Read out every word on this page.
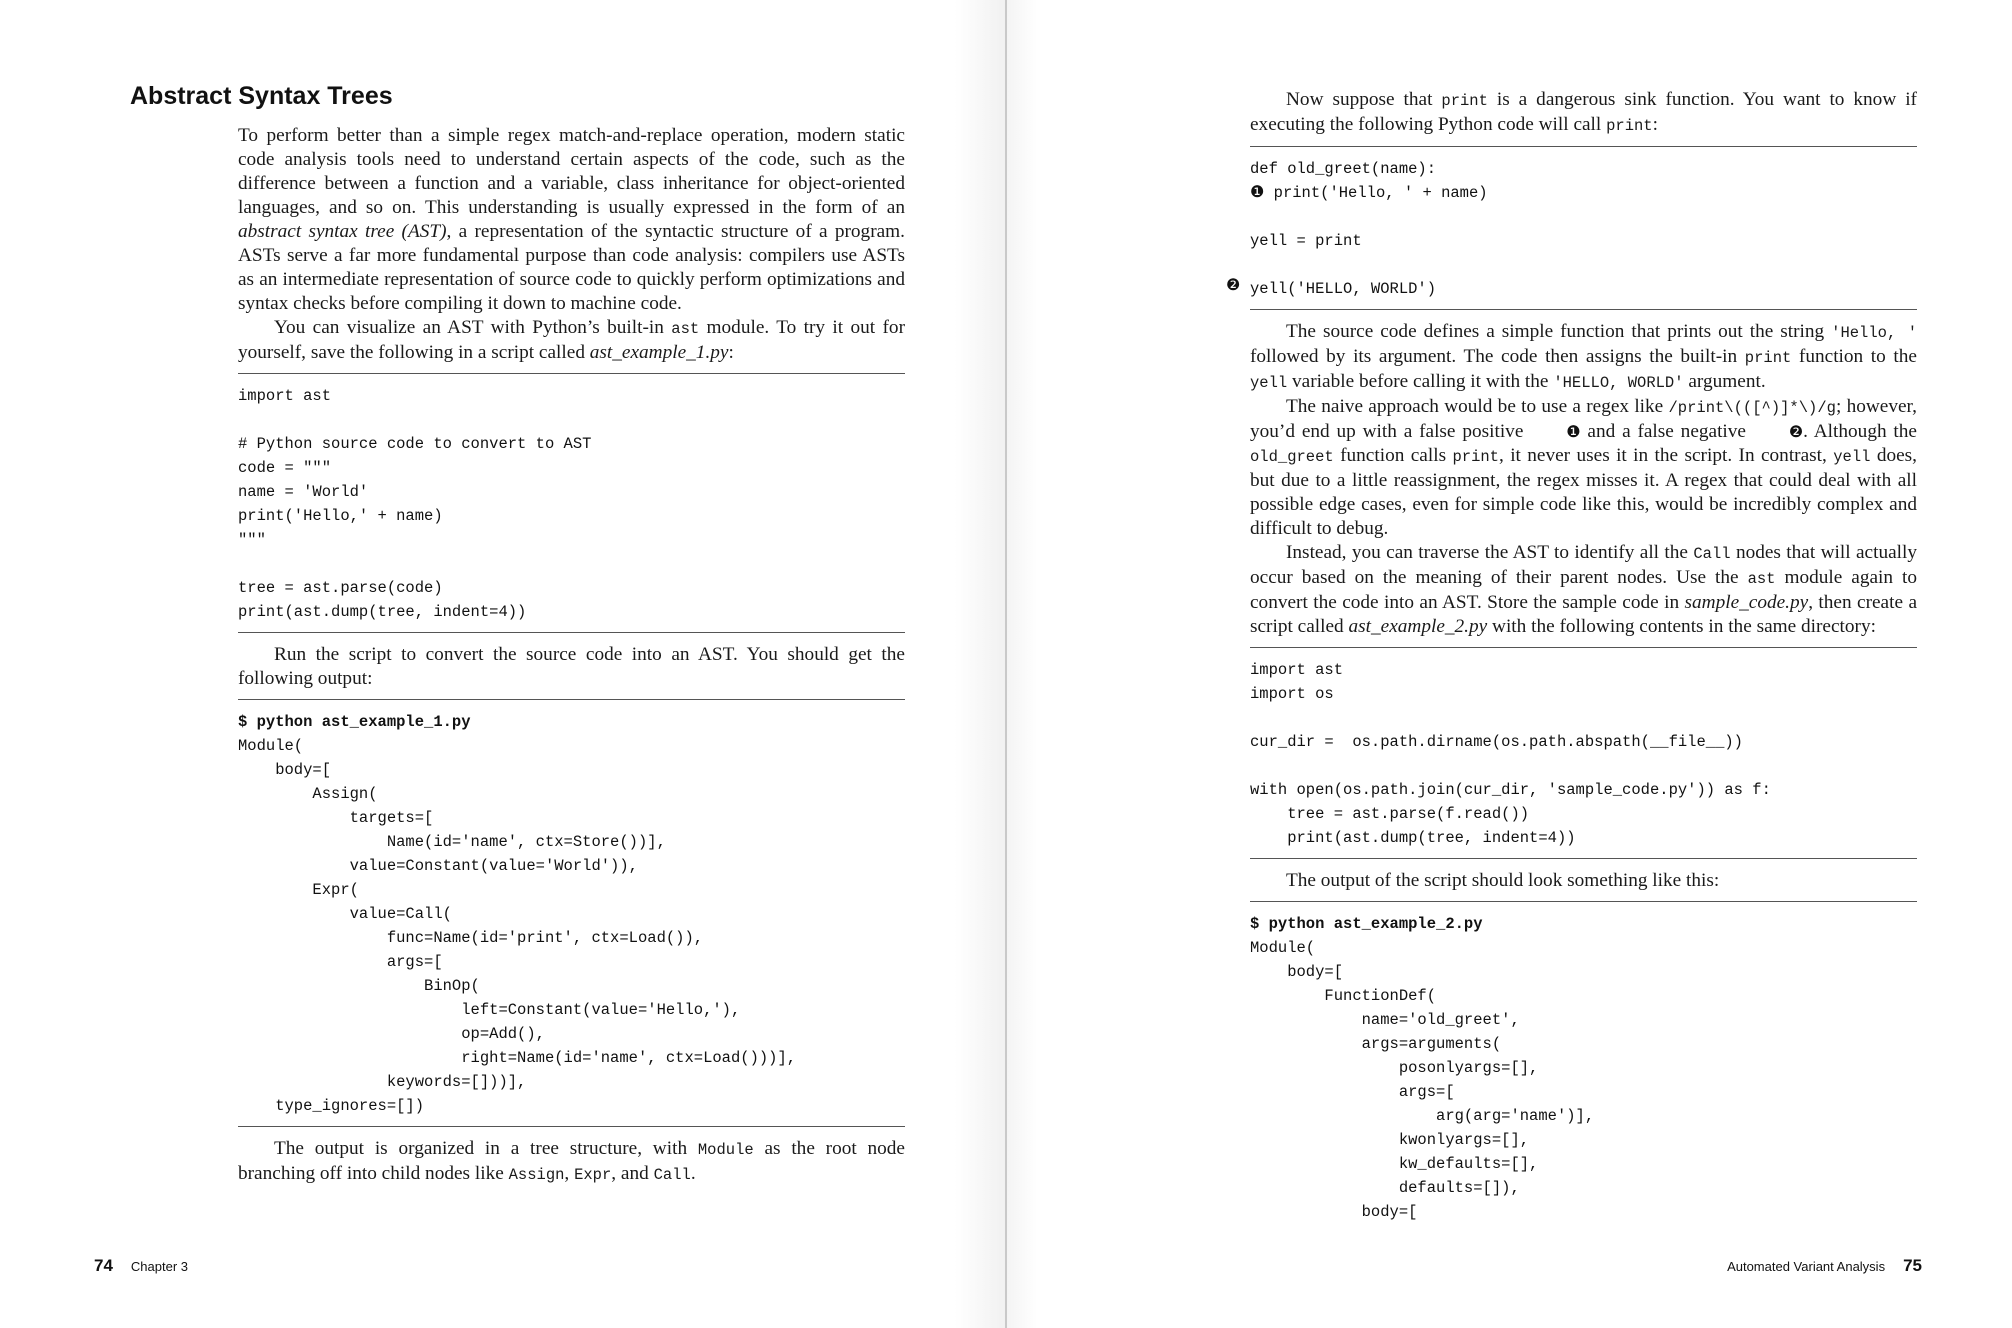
Abstract Syntax Trees

To perform better than a simple regex match-and-replace operation, modern static code analysis tools need to understand certain aspects of the code, such as the difference between a function and a variable, class inheritance for object-oriented languages, and so on. This understanding is usually expressed in the form of an abstract syntax tree (AST), a representation of the syntactic structure of a program. ASTs serve a far more fundamental purpose than code analysis: compilers use ASTs as an intermediate representation of source code to quickly perform optimizations and syntax checks before compiling it down to machine code.

You can visualize an AST with Python’s built-in ast module. To try it out for yourself, save the following in a script called ast_example_1.py:

import ast

# Python source code to convert to AST
code = """
name = 'World'
print('Hello,' + name)
"""

tree = ast.parse(code)
print(ast.dump(tree, indent=4))

Run the script to convert the source code into an AST. You should get the following output:

$ python ast_example_1.py
Module(
body=[
Assign(
targets=[
Name(id='name', ctx=Store())],
value=Constant(value='World')),
Expr(
value=Call(
func=Name(id='print', ctx=Load()),
args=[
BinOp(
left=Constant(value='Hello,'),
op=Add(),
right=Name(id='name', ctx=Load()))],
keywords=[]))],
type_ignores=[])

The output is organized in a tree structure, with Module as the root node branching off into child nodes like Assign, Expr, and Call.

74 Chapter 3

Now suppose that print is a dangerous sink function. You want to know if executing the following Python code will call print:

def old_greet(name):
❶ print('Hello, ' + name)

yell = print

❷ yell('HELLO, WORLD')

The source code defines a simple function that prints out the string 'Hello, ' followed by its argument. The code then assigns the built-in print function to the yell variable before calling it with the 'HELLO, WORLD' argument.

The naive approach would be to use a regex like /print\(([^)]*\)/g; however, you’d end up with a false positive ❶ and a false negative ❷. Although the old_greet function calls print, it never uses it in the script. In contrast, yell does, but due to a little reassignment, the regex misses it. A regex that could deal with all possible edge cases, even for simple code like this, would be incredibly complex and difficult to debug.

Instead, you can traverse the AST to identify all the Call nodes that will actually occur based on the meaning of their parent nodes. Use the ast module again to convert the code into an AST. Store the sample code in sample_code.py, then create a script called ast_example_2.py with the following contents in the same directory:

import ast
import os

cur_dir =  os.path.dirname(os.path.abspath(__file__))

with open(os.path.join(cur_dir, 'sample_code.py')) as f:
tree = ast.parse(f.read())
print(ast.dump(tree, indent=4))

The output of the script should look something like this:

$ python ast_example_2.py
Module(
body=[
FunctionDef(
name='old_greet',
args=arguments(
posonlyargs=[],
args=[
arg(arg='name')],
kwonlyargs=[],
kw_defaults=[],
defaults=[]),
body=[
Automated Variant Analysis 75
